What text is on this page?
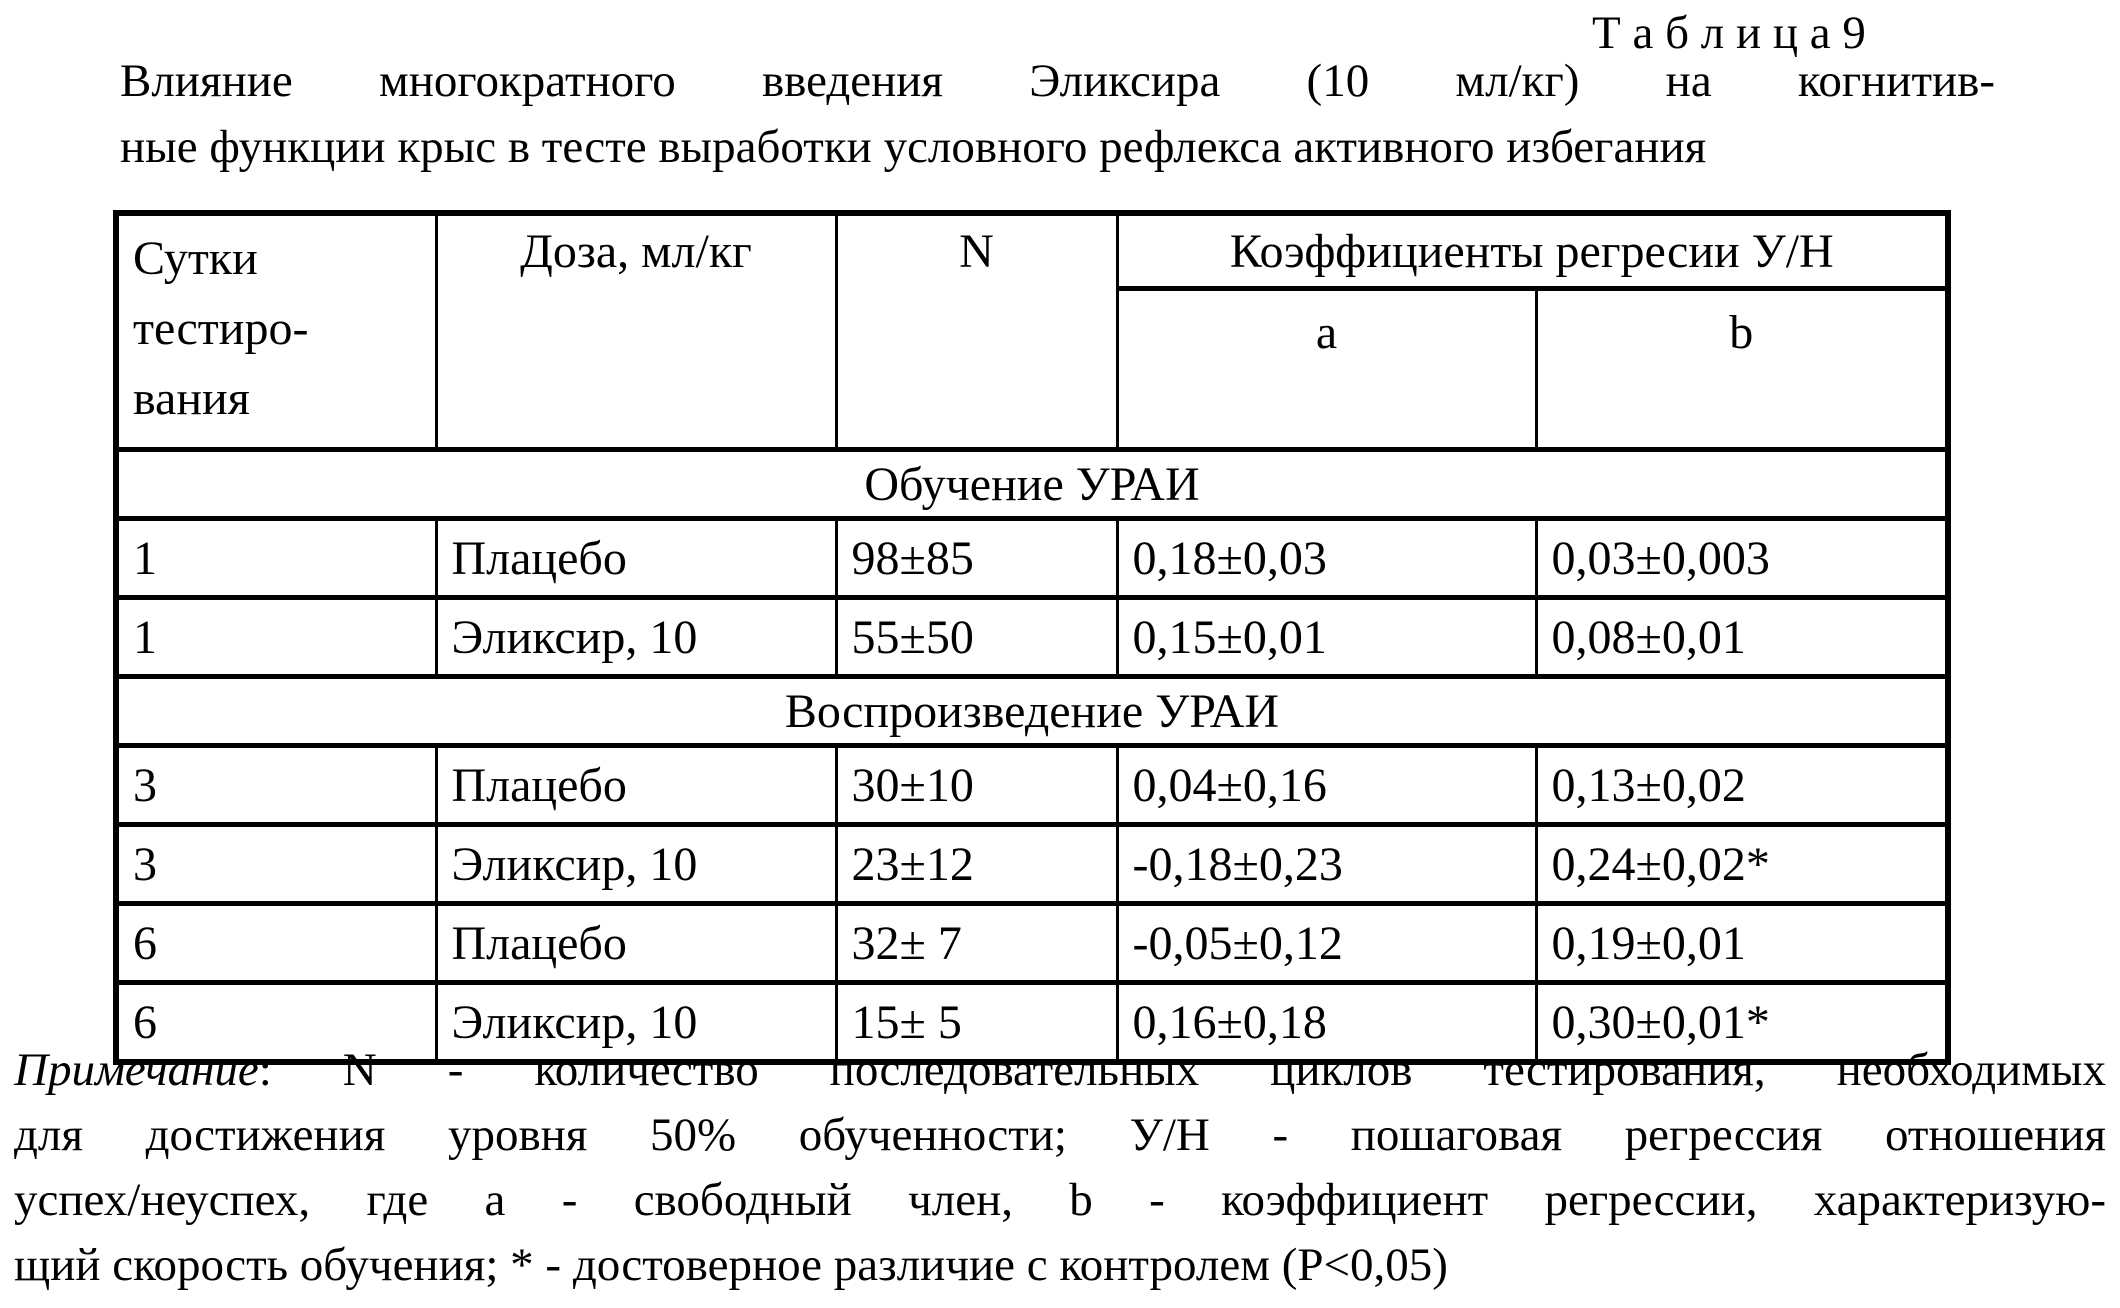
Т а б л и ц а 9
Влияние многократного введения Эликсира (10 мл/кг) на когнитив-
ные функции крыс в тесте выработки условного рефлекса активного избегания
Сутки
тестиро-
вания	Доза, мл/кг	N	Коэффициенты регресии У/Н	
			a	b
Обучение УРАИ				
1	Плацебо	98±85	0,18±0,03	0,03±0,003
1	Эликсир, 10	55±50	0,15±0,01	0,08±0,01
Воспроизведение УРАИ				
3	Плацебо	30±10	0,04±0,16	0,13±0,02
3	Эликсир, 10	23±12	-0,18±0,23	0,24±0,02*
6	Плацебо	32± 7	-0,05±0,12	0,19±0,01
6	Эликсир, 10	15± 5	0,16±0,18	0,30±0,01*
Примечание: N - количество последовательных циклов тестирования, необходимых
для достижения уровня 50% обученности; У/Н - пошаговая регрессия отношения
успех/неуспех, где a - свободный член, b - коэффициент регрессии, характеризую-
щий скорость обучения; * - достоверное различие с контролем (Р<0,05)
